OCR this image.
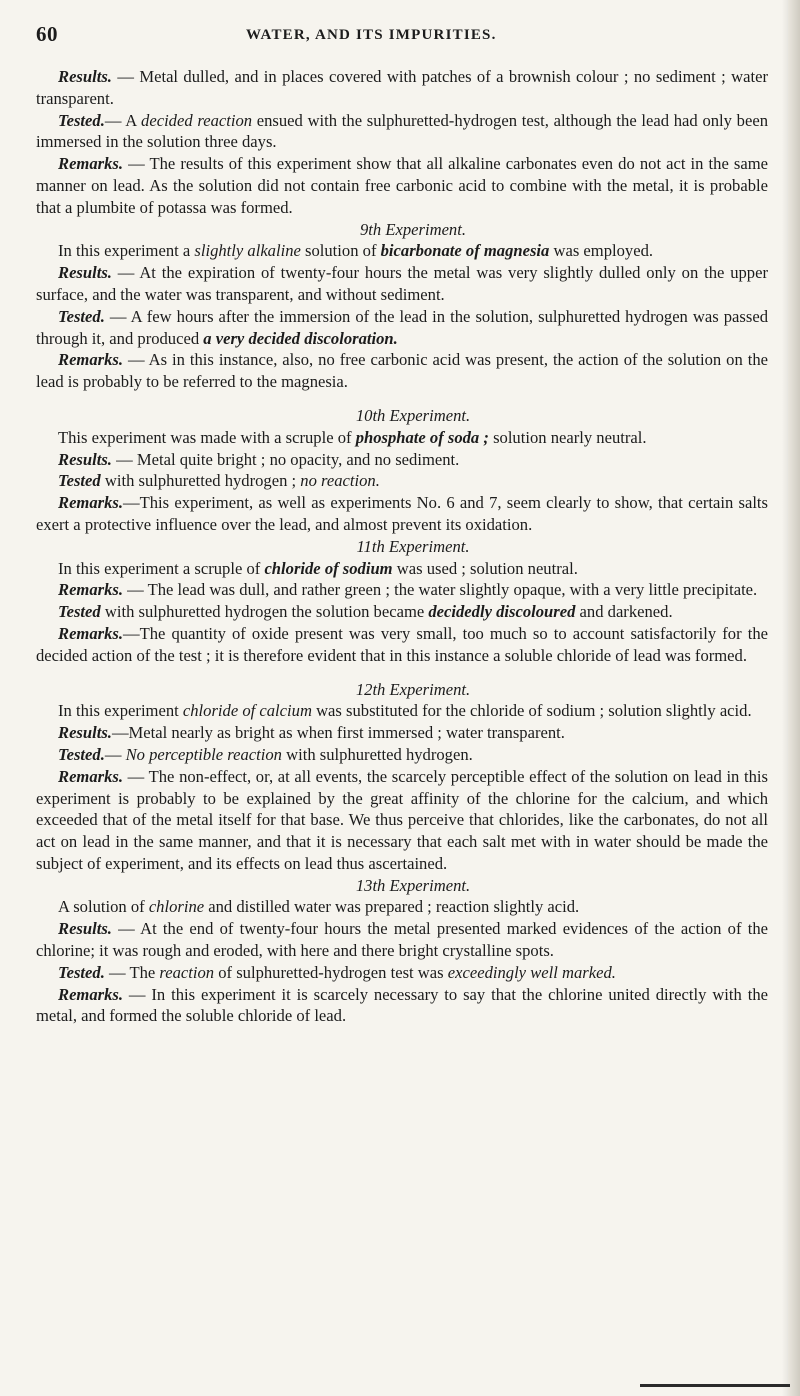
60	WATER, AND ITS IMPURITIES.

Results. — Metal dulled, and in places covered with patches of a brownish colour ; no sediment ; water transparent.

Tested.— A decided reaction ensued with the sulphuretted-hydrogen test, although the lead had only been immersed in the solution three days.

Remarks. — The results of this experiment show that all alkaline carbonates even do not act in the same manner on lead. As the solution did not contain free carbonic acid to combine with the metal, it is probable that a plumbite of potassa was formed.

9th Experiment.

In this experiment a slightly alkaline solution of bicarbonate of magnesia was employed.

Results. — At the expiration of twenty-four hours the metal was very slightly dulled only on the upper surface, and the water was transparent, and without sediment.

Tested. — A few hours after the immersion of the lead in the solution, sulphuretted hydrogen was passed through it, and produced a very decided discoloration.

Remarks. — As in this instance, also, no free carbonic acid was present, the action of the solution on the lead is probably to be referred to the magnesia.

10th Experiment.

This experiment was made with a scruple of phosphate of soda ; solution nearly neutral.

Results. — Metal quite bright ; no opacity, and no sediment.

Tested with sulphuretted hydrogen ; no reaction.

Remarks.—This experiment, as well as experiments No. 6 and 7, seem clearly to show, that certain salts exert a protective influence over the lead, and almost prevent its oxidation.

11th Experiment.

In this experiment a scruple of chloride of sodium was used ; solution neutral.

Remarks. — The lead was dull, and rather green ; the water slightly opaque, with a very little precipitate.

Tested with sulphuretted hydrogen the solution became decidedly discoloured and darkened.

Remarks.—The quantity of oxide present was very small, too much so to account satisfactorily for the decided action of the test ; it is therefore evident that in this instance a soluble chloride of lead was formed.

12th Experiment.

In this experiment chloride of calcium was substituted for the chloride of sodium ; solution slightly acid.

Results.—Metal nearly as bright as when first immersed ; water transparent.

Tested.— No perceptible reaction with sulphuretted hydrogen.

Remarks. — The non-effect, or, at all events, the scarcely perceptible effect of the solution on lead in this experiment is probably to be explained by the great affinity of the chlorine for the calcium, and which exceeded that of the metal itself for that base. We thus perceive that chlorides, like the carbonates, do not all act on lead in the same manner, and that it is necessary that each salt met with in water should be made the subject of experiment, and its effects on lead thus ascertained.

13th Experiment.

A solution of chlorine and distilled water was prepared ; reaction slightly acid.

Results. — At the end of twenty-four hours the metal presented marked evidences of the action of the chlorine; it was rough and eroded, with here and there bright crystalline spots.

Tested. — The reaction of sulphuretted-hydrogen test was exceedingly well marked.

Remarks. — In this experiment it is scarcely necessary to say that the chlorine united directly with the metal, and formed the soluble chloride of lead.
